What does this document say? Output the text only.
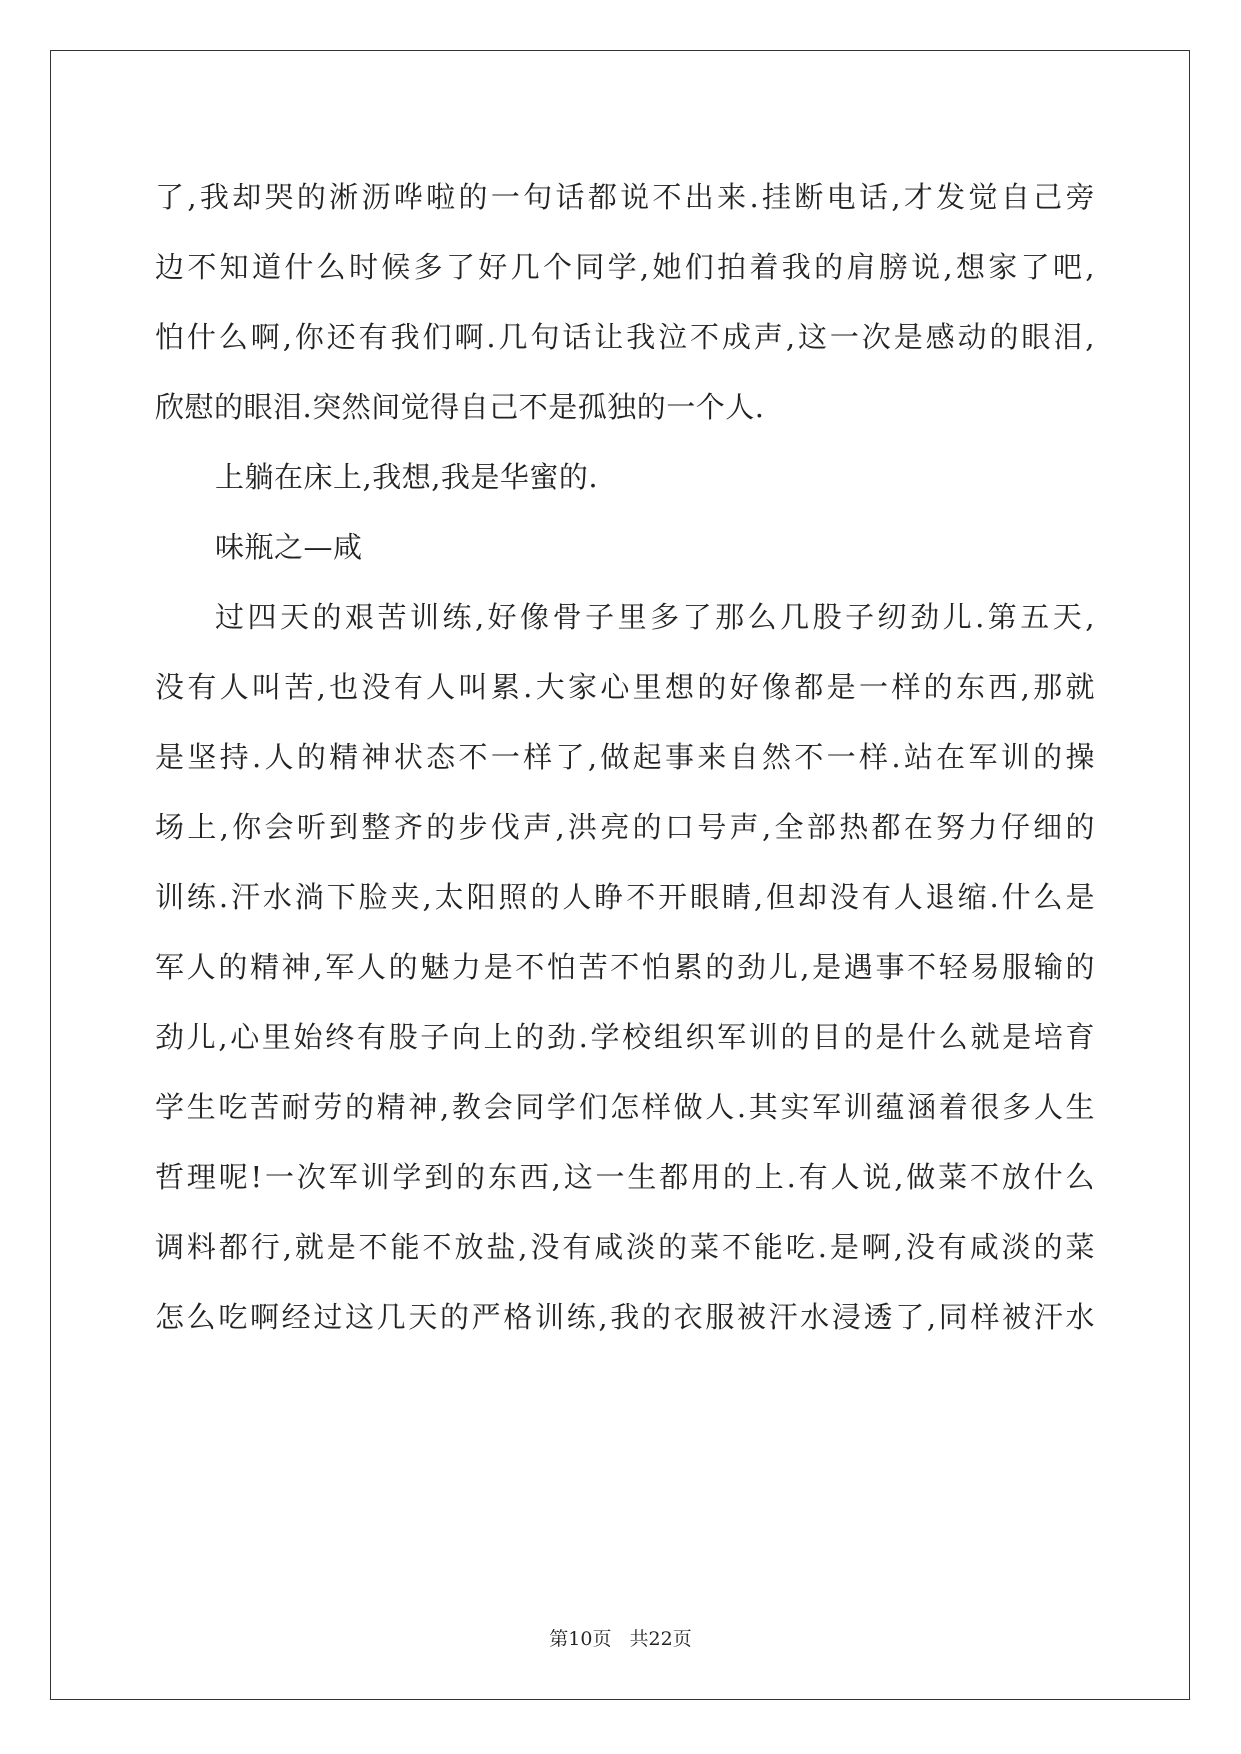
了,我却哭的淅沥哗啦的一句话都说不出来.挂断电话,才发觉自己旁
边不知道什么时候多了好几个同学,她们拍着我的肩膀说,想家了吧,
怕什么啊,你还有我们啊.几句话让我泣不成声,这一次是感动的眼泪,
欣慰的眼泪.突然间觉得自己不是孤独的一个人.
上躺在床上,我想,我是华蜜的.
味瓶之—咸
过四天的艰苦训练,好像骨子里多了那么几股子纫劲儿.第五天,
没有人叫苦,也没有人叫累.大家心里想的好像都是一样的东西,那就
是坚持.人的精神状态不一样了,做起事来自然不一样.站在军训的操
场上,你会听到整齐的步伐声,洪亮的口号声,全部热都在努力仔细的
训练.汗水淌下脸夹,太阳照的人睁不开眼睛,但却没有人退缩.什么是
军人的精神,军人的魅力是不怕苦不怕累的劲儿,是遇事不轻易服输的
劲儿,心里始终有股子向上的劲.学校组织军训的目的是什么就是培育
学生吃苦耐劳的精神,教会同学们怎样做人.其实军训蕴涵着很多人生
哲理呢!一次军训学到的东西,这一生都用的上.有人说,做菜不放什么
调料都行,就是不能不放盐,没有咸淡的菜不能吃.是啊,没有咸淡的菜
怎么吃啊经过这几天的严格训练,我的衣服被汗水浸透了,同样被汗水
第10页 共22页
